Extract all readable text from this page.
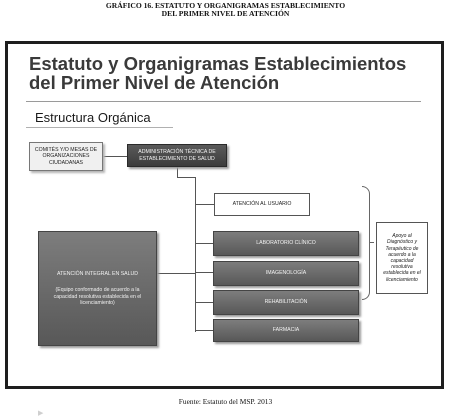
GRÁFICO 16. ESTATUTO Y ORGANIGRAMAS ESTABLECIMIENTO
DEL PRIMER NIVEL DE ATENCIÓN
Estatuto y Organigramas Establecimientos
del Primer Nivel de Atención
Estructura Orgánica
▶
COMITÉS Y/O MESAS DE ORGANIZACIONES CIUDADANAS
ADMINISTRACIÓN TÉCNICA DE ESTABLECIMIENTO DE SALUD
ATENCIÓN AL USUARIO
ATENCIÓN INTEGRAL EN SALUD
(Equipo conformado de acuerdo a la capacidad resolutiva establecida en el licenciamiento)
LABORATORIO CLÍNICO
IMAGENOLOGÍA
REHABILITACIÓN
FARMACIA
Apoyo al Diagnóstico y Terapéutico de acuerdo a la capacidad resolutiva establecida en el licenciamiento
Fuente: Estatuto del MSP. 2013
